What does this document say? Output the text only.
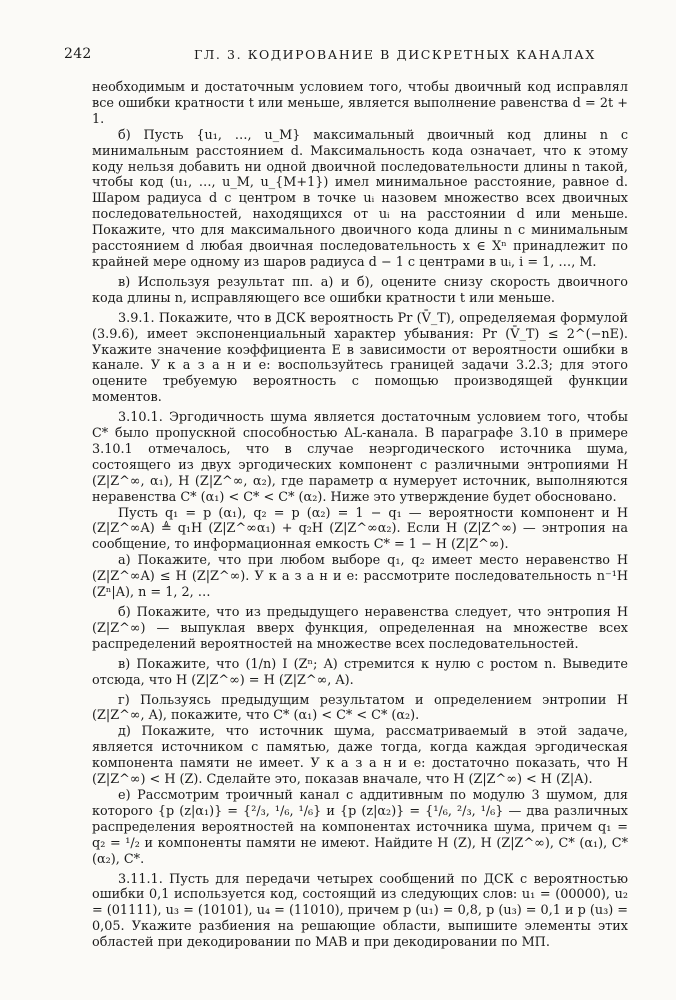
242	ГЛ. 3. КОДИРОВАНИЕ В ДИСКРЕТНЫХ КАНАЛАХ

необходимым и достаточным условием того, чтобы двоичный код исправлял все ошибки кратности t или меньше, является выполнение равенства d = 2t + 1.

б) Пусть {u₁, …, u_M} максимальный двоичный код длины n с минимальным расстоянием d. Максимальность кода означает, что к этому коду нельзя добавить ни одной двоичной последовательности длины n такой, чтобы код (u₁, …, u_M, u_{M+1}) имел минимальное расстояние, равное d. Шаром радиуса d с центром в точке uᵢ назовем множество всех двоичных последовательностей, находящихся от uᵢ на расстоянии d или меньше. Покажите, что для максимального двоичного кода длины n с минимальным расстоянием d любая двоичная последовательность x ∈ Xⁿ принадлежит по крайней мере одному из шаров радиуса d − 1 с центрами в uᵢ, i = 1, …, M.

в) Используя результат пп. а) и б), оцените снизу скорость двоичного кода длины n, исправляющего все ошибки кратности t или меньше.

3.9.1. Покажите, что в ДСК вероятность Pr (V̄_T), определяемая формулой (3.9.6), имеет экспоненциальный характер убывания: Pr (V̄_T) ≤ 2^(−nE). Укажите значение коэффициента E в зависимости от вероятности ошибки в канале. У к а з а н и е: воспользуйтесь границей задачи 3.2.3; для этого оцените требуемую вероятность с помощью производящей функции моментов.

3.10.1. Эргодичность шума является достаточным условием того, чтобы C* было пропускной способностью AL-канала. В параграфе 3.10 в примере 3.10.1 отмечалось, что в случае неэргодического источника шума, состоящего из двух эргодических компонент с различными энтропиями H (Z|Z^∞, α₁), H (Z|Z^∞, α₂), где параметр α нумерует источник, выполняются неравенства C* (α₁) < C* < C* (α₂). Ниже это утверждение будет обосновано.

Пусть q₁ = p (α₁), q₂ = p (α₂) = 1 − q₁ — вероятности компонент и H (Z|Z^∞A) ≜ q₁H (Z|Z^∞α₁) + q₂H (Z|Z^∞α₂). Если H (Z|Z^∞) — энтропия на сообщение, то информационная емкость C* = 1 − H (Z|Z^∞).

а) Покажите, что при любом выборе q₁, q₂ имеет место неравенство H (Z|Z^∞A) ≤ H (Z|Z^∞). У к а з а н и е: рассмотрите последовательность n⁻¹H (Zⁿ|A), n = 1, 2, …

б) Покажите, что из предыдущего неравенства следует, что энтропия H (Z|Z^∞) — выпуклая вверх функция, определенная на множестве всех распределений вероятностей на множестве всех последовательностей.

в) Покажите, что (1/n) I (Zⁿ; A) стремится к нулю с ростом n. Выведите отсюда, что H (Z|Z^∞) = H (Z|Z^∞, A).

г) Пользуясь предыдущим результатом и определением энтропии H (Z|Z^∞, A), покажите, что C* (α₁) < C* < C* (α₂).

д) Покажите, что источник шума, рассматриваемый в этой задаче, является источником с памятью, даже тогда, когда каждая эргодическая компонента памяти не имеет. У к а з а н и е: достаточно показать, что H (Z|Z^∞) < H (Z). Сделайте это, показав вначале, что H (Z|Z^∞) < H (Z|A).

е) Рассмотрим троичный канал с аддитивным по модулю 3 шумом, для которого {p (z|α₁)} = {²/₃, ¹/₆, ¹/₆} и {p (z|α₂)} = {¹/₆, ²/₃, ¹/₆} — два различных распределения вероятностей на компонентах источника шума, причем q₁ = q₂ = ¹/₂ и компоненты памяти не имеют. Найдите H (Z), H (Z|Z^∞), C* (α₁), C* (α₂), C*.

3.11.1. Пусть для передачи четырех сообщений по ДСК с вероятностью ошибки 0,1 используется код, состоящий из следующих слов: u₁ = (00000), u₂ = (01111), u₃ = (10101), u₄ = (11010), причем p (u₁) = 0,8, p (u₃) = 0,1 и p (u₃) = 0,05. Укажите разбиения на решающие области, выпишите элементы этих областей при декодировании по МАВ и при декодировании по МП.
